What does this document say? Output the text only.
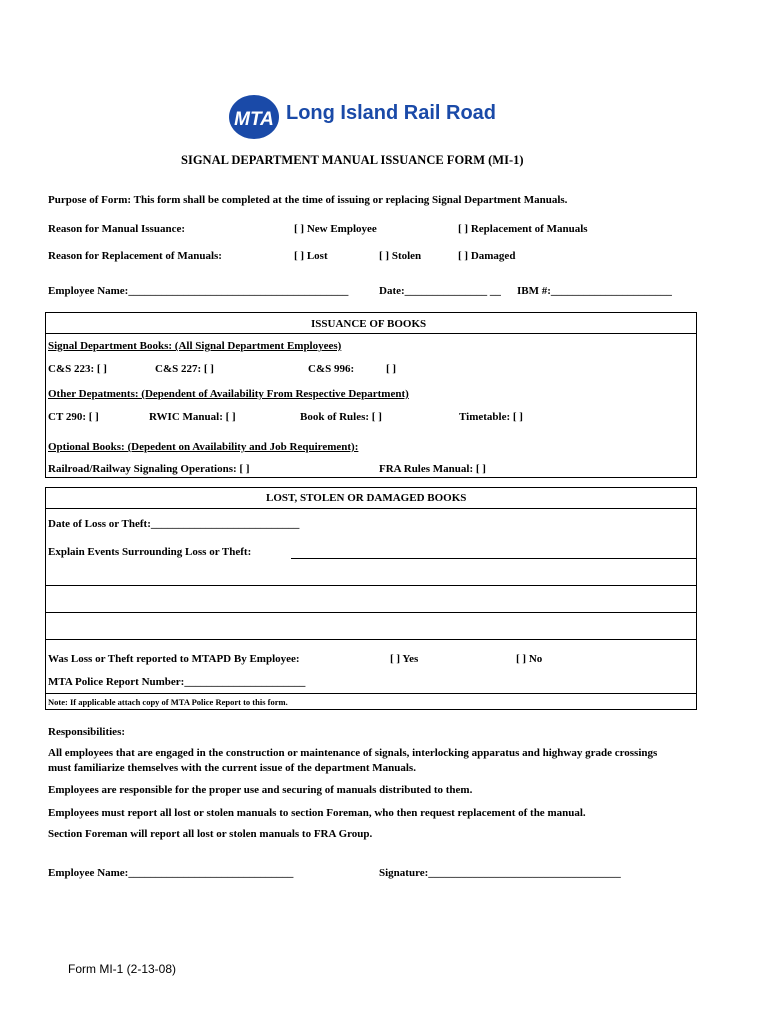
MTA Long Island Rail Road
SIGNAL DEPARTMENT MANUAL ISSUANCE FORM (MI-1)
Purpose of Form: This form shall be completed at the time of issuing or replacing Signal Department Manuals.
Reason for Manual Issuance:	[ ] New Employee	[ ] Replacement of Manuals
Reason for Replacement of Manuals:	[ ] Lost	[ ] Stolen	[ ] Damaged
Employee Name:________________________________________	Date:_______________ __ IBM #:______________________
ISSUANCE OF BOOKS
Signal Department Books: (All Signal Department Employees)
C&S 223: [ ]	C&S 227: [ ]	C&S 996:	[ ]
Other Depatments: (Dependent of Availability From Respective Department)
CT 290: [ ]	RWIC Manual: [ ]	Book of Rules: [ ]	Timetable: [ ]
Optional Books: (Depedent on Availability and Job Requirement):
Railroad/Railway Signaling Operations: [ ]	FRA Rules Manual: [ ]
LOST, STOLEN OR DAMAGED BOOKS
Date of Loss or Theft:___________________________
Explain Events Surrounding Loss or Theft:
Was Loss or Theft reported to MTAPD By Employee:	[ ] Yes	[ ] No
MTA Police Report Number:______________________
Note: If applicable attach copy of MTA Police Report to this form.
Responsibilities:
All employees that are engaged in the construction or maintenance of signals, interlocking apparatus and highway grade crossings
must familiarize themselves with the current issue of the department Manuals.
Employees are responsible for the proper use and securing of manuals distributed to them.
Employees must report all lost or stolen manuals to section Foreman, who then request replacement of the manual.
Section Foreman will report all lost or stolen manuals to FRA Group.
Employee Name:______________________________	Signature:___________________________________
Form MI-1 (2-13-08)
